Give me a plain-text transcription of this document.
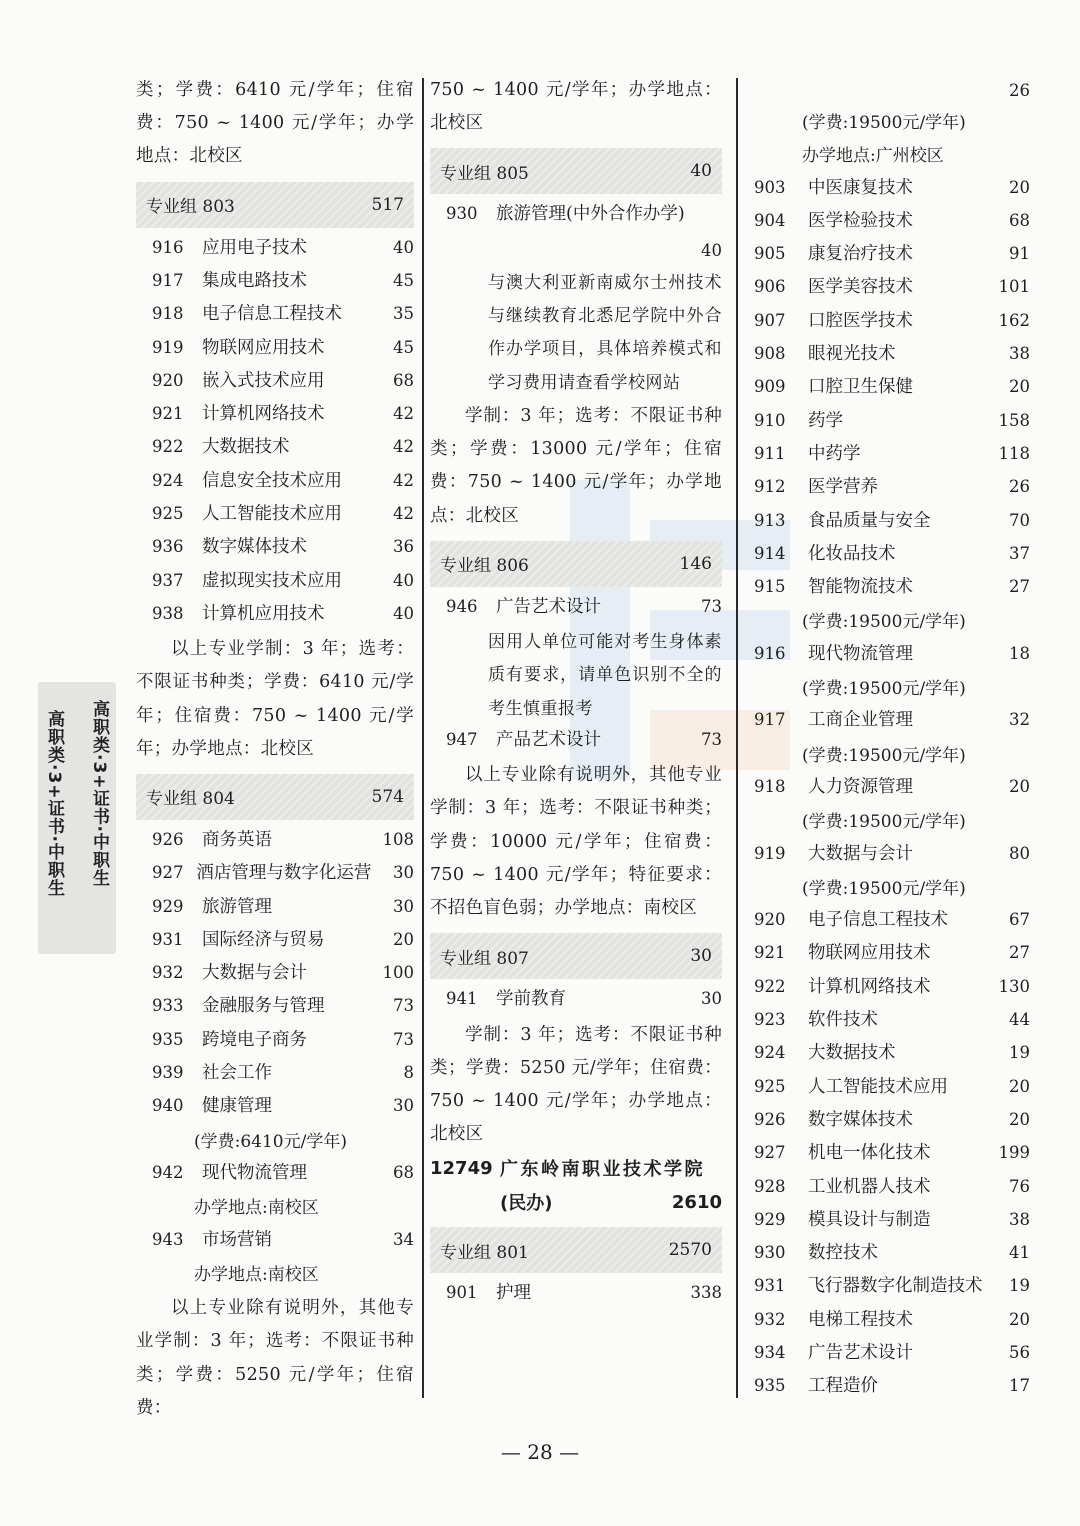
高职类·3+证书·中职生
高职类·3+证书·中职生
类；学费：6410 元/学年；住宿费：750 ~ 1400 元/学年；办学地点：北校区
专业组 803	517
916	应用电子技术	40
917	集成电路技术	45
918	电子信息工程技术	35
919	物联网应用技术	45
920	嵌入式技术应用	68
921	计算机网络技术	42
922	大数据技术	42
924	信息安全技术应用	42
925	人工智能技术应用	42
936	数字媒体技术	36
937	虚拟现实技术应用	40
938	计算机应用技术	40
以上专业学制：3 年；选考：不限证书种类；学费：6410 元/学年；住宿费：750 ~ 1400 元/学年；办学地点：北校区
专业组 804	574
926	商务英语	108
927 酒店管理与数字化运营	30
929	旅游管理	30
931	国际经济与贸易	20
932	大数据与会计	100
933	金融服务与管理	73
935	跨境电子商务	73
939	社会工作	8
940	健康管理	30
(学费:6410元/学年)
942	现代物流管理	68
办学地点:南校区
943	市场营销	34
办学地点:南校区
以上专业除有说明外，其他专业学制：3 年；选考：不限证书种类；学费：5250 元/学年；住宿费：
750 ~ 1400 元/学年；办学地点：北校区
专业组 805	40
930	旅游管理(中外合作办学)
40
与澳大利亚新南威尔士州技术与继续教育北悉尼学院中外合作办学项目，具体培养模式和学习费用请查看学校网站
学制：3 年；选考：不限证书种类；学费：13000 元/学年；住宿费：750 ~ 1400 元/学年；办学地点：北校区
专业组 806	146
946	广告艺术设计	73
因用人单位可能对考生身体素质有要求，请单色识别不全的考生慎重报考
947	产品艺术设计	73
以上专业除有说明外，其他专业学制：3 年；选考：不限证书种类；学费：10000 元/学年；住宿费：750 ~ 1400 元/学年；特征要求：不招色盲色弱；办学地点：南校区
专业组 807	30
941	学前教育	30
学制：3 年；选考：不限证书种类；学费：5250 元/学年；住宿费：750 ~ 1400 元/学年；办学地点：北校区
12749 广东岭南职业技术学院
(民办)	2610
专业组 801	2570
901	护理	338
26
(学费:19500元/学年)
办学地点:广州校区
903	中医康复技术	20
904	医学检验技术	68
905	康复治疗技术	91
906	医学美容技术	101
907	口腔医学技术	162
908	眼视光技术	38
909	口腔卫生保健	20
910	药学	158
911	中药学	118
912	医学营养	26
913	食品质量与安全	70
914	化妆品技术	37
915	智能物流技术	27
(学费:19500元/学年)
916	现代物流管理	18
(学费:19500元/学年)
917	工商企业管理	32
(学费:19500元/学年)
918	人力资源管理	20
(学费:19500元/学年)
919	大数据与会计	80
(学费:19500元/学年)
920	电子信息工程技术	67
921	物联网应用技术	27
922	计算机网络技术	130
923	软件技术	44
924	大数据技术	19
925	人工智能技术应用	20
926	数字媒体技术	20
927	机电一体化技术	199
928	工业机器人技术	76
929	模具设计与制造	38
930	数控技术	41
931	飞行器数字化制造技术	19
932	电梯工程技术	20
934	广告艺术设计	56
935	工程造价	17
— 28 —
